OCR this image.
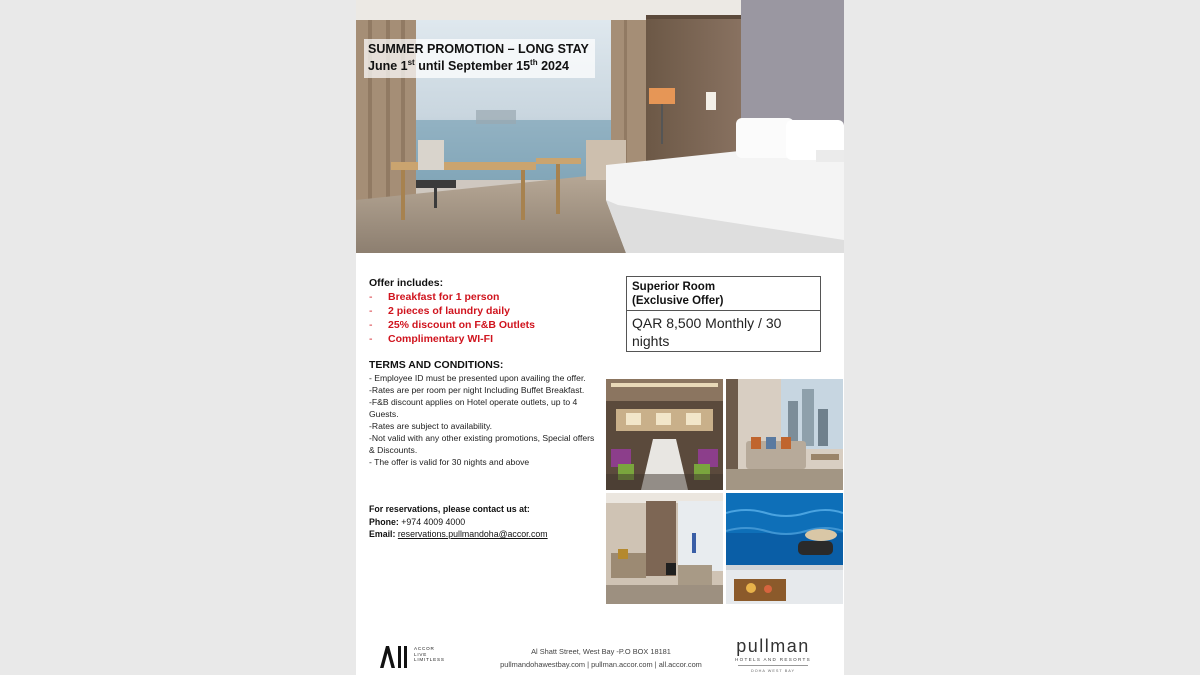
SUMMER PROMOTION – LONG STAY
June 1st until September 15th 2024
Offer includes:
- Breakfast for 1 person
- 2 pieces of laundry daily
- 25% discount on F&B Outlets
- Complimentary WI-FI
Superior Room
(Exclusive Offer)
QAR 8,500 Monthly / 30 nights
TERMS AND CONDITIONS:
- Employee ID must be presented upon availing the offer.
-Rates are per room per night Including Buffet Breakfast.
-F&B discount applies on Hotel operate outlets, up to 4 Guests.
-Rates are subject to availability.
-Not valid with any other existing promotions, Special offers & Discounts.
- The offer is valid for 30 nights and above
For reservations, please contact us at:
Phone: +974 4009 4000
Email: reservations.pullmandoha@accor.com
ACCOR
LIVE
LIMITLESS
Al Shatt Street, West Bay -P.O BOX 18181
pullmandohawestbay.com | pullman.accor.com | all.accor.com
pullman
HOTELS AND RESORTS
DOHA WEST BAY
